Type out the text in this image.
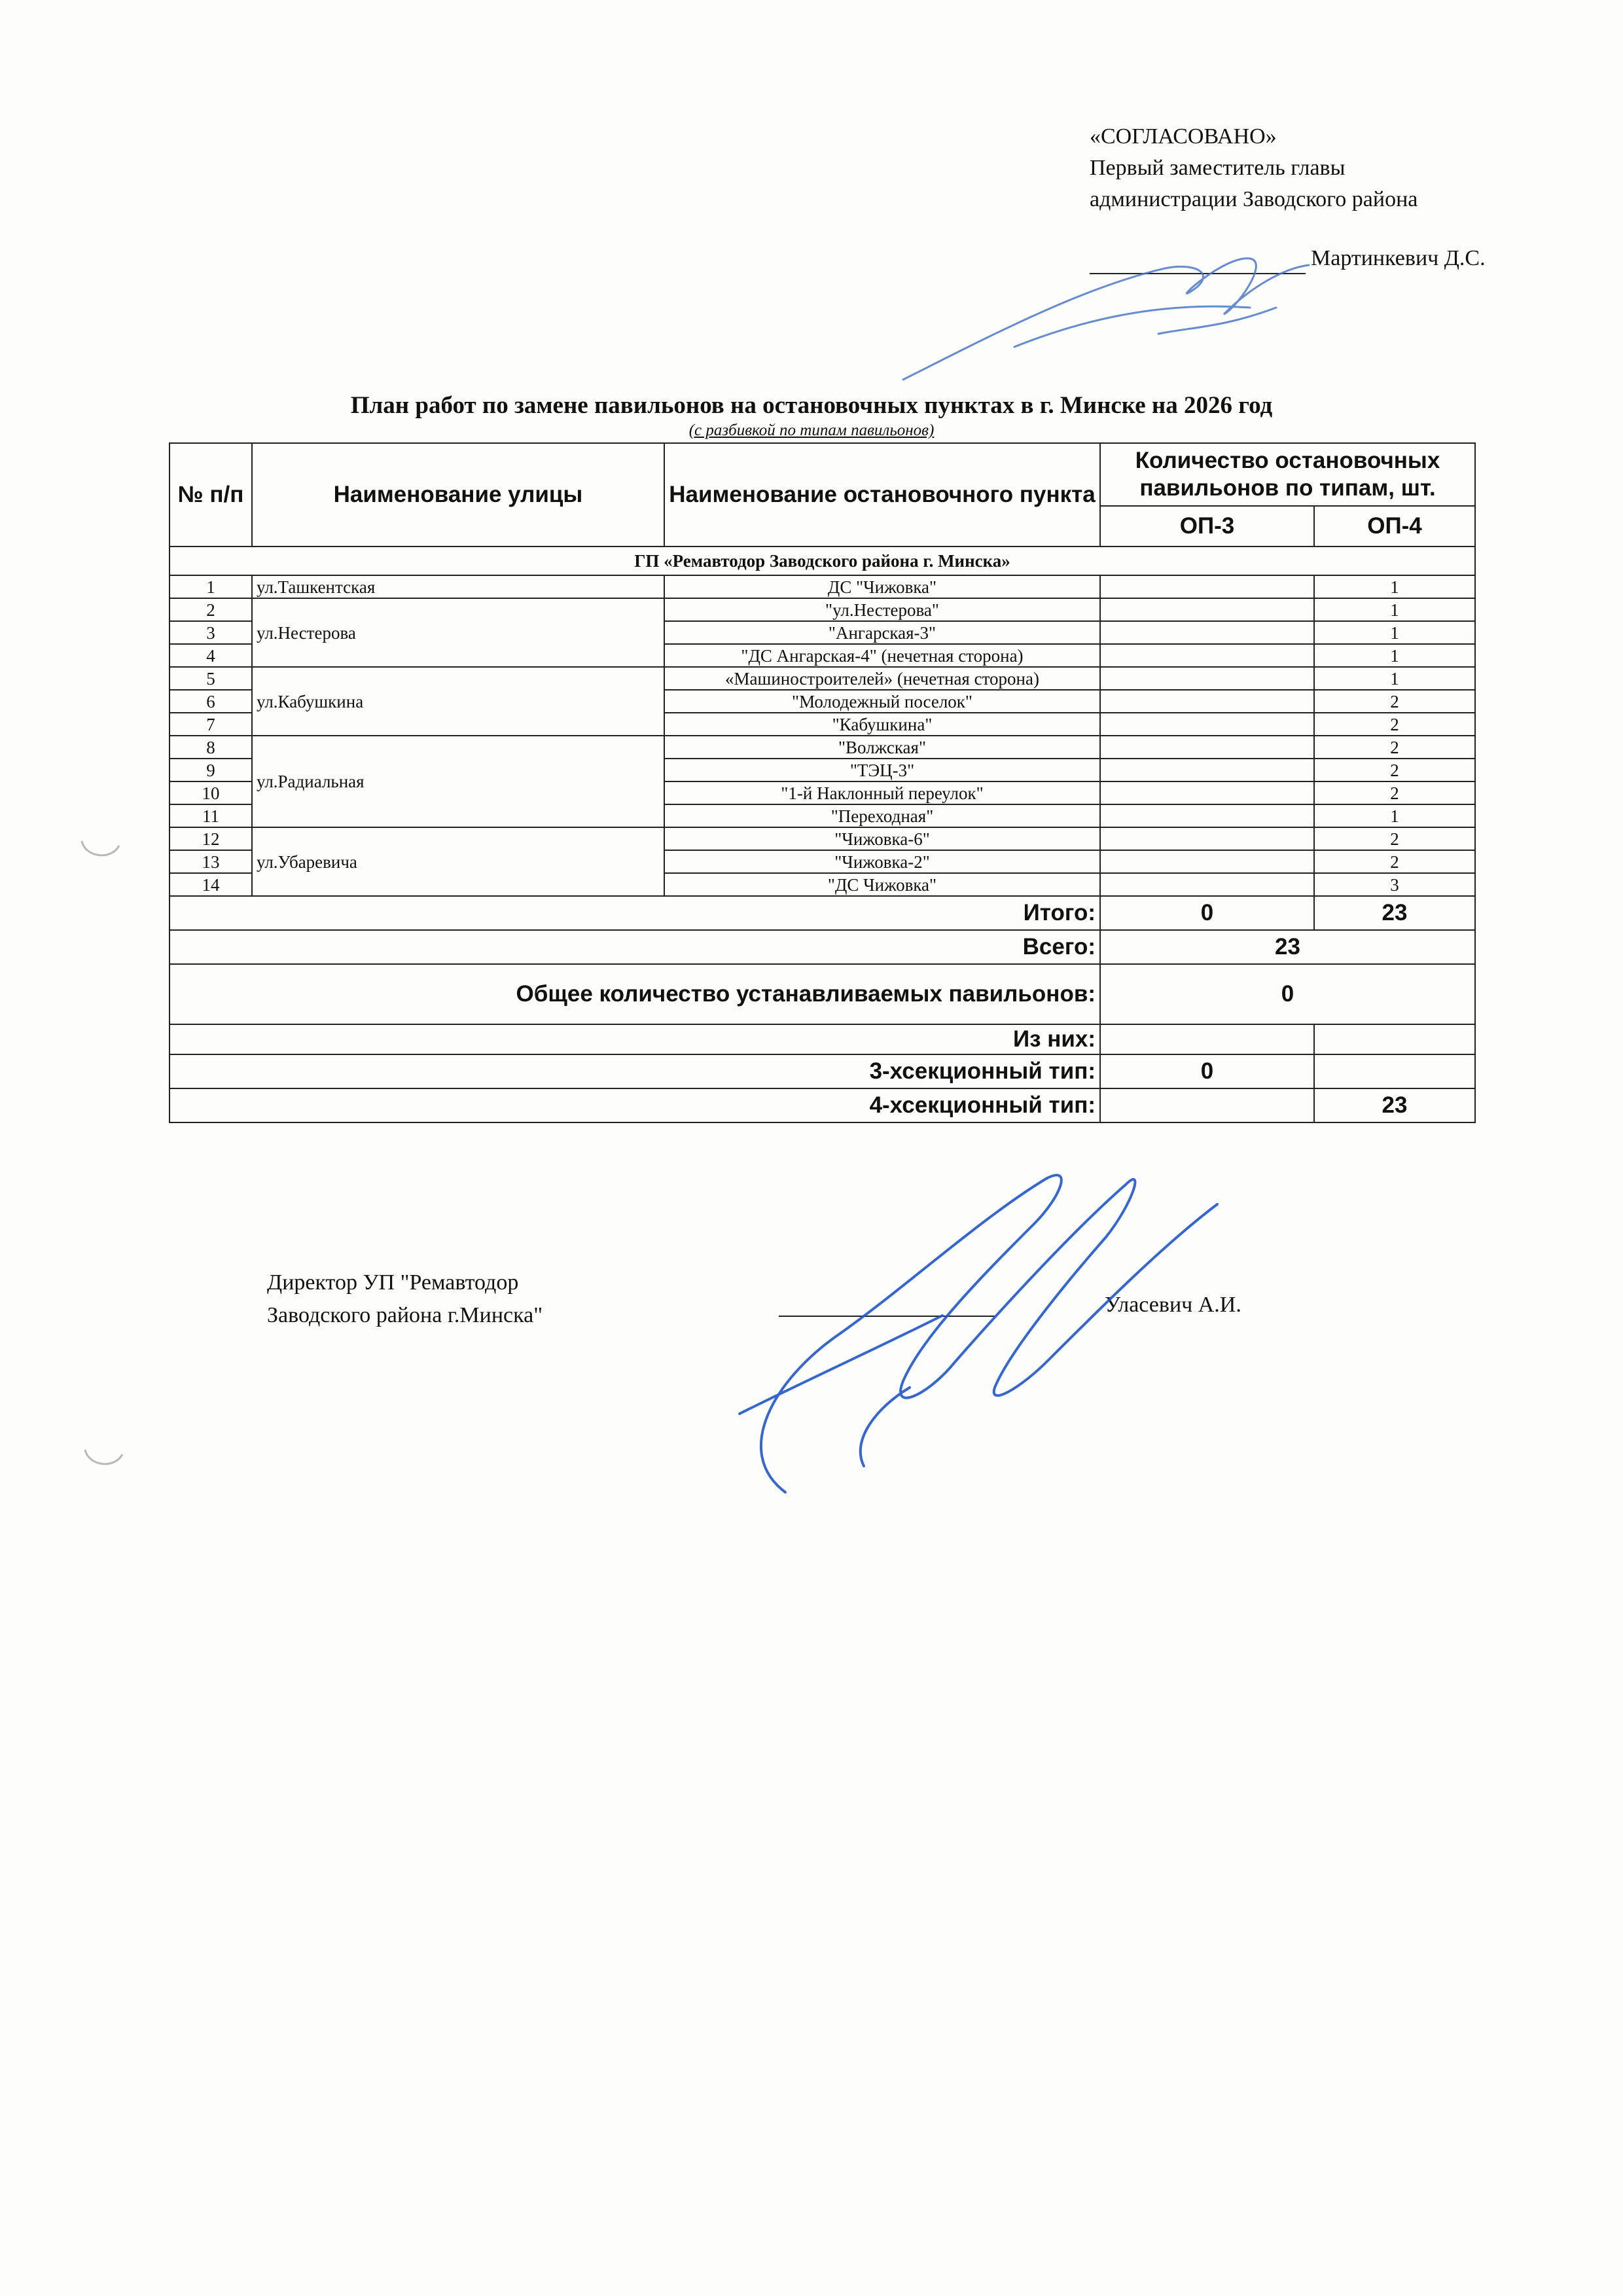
«СОГЛАСОВАНО»
Первый заместитель главы
администрации Заводского района
Мартинкевич Д.С.
План работ по замене павильонов на остановочных пунктах в г. Минске на 2026 год
(с разбивкой по типам павильонов)
№ п/п	Наименование улицы	Наименование остановочного пункта	Количество остановочных павильонов по типам, шт.	
			ОП-3	ОП-4
ГП «Ремавтодор Заводского района г. Минска»				
1	ул.Ташкентская	ДС "Чижовка"		1
2	ул.Нестерова	"ул.Нестерова"		1
3		"Ангарская-3"		1
4		"ДС Ангарская-4" (нечетная сторона)		1
5	ул.Кабушкина	«Машиностроителей» (нечетная сторона)		1
6		"Молодежный поселок"		2
7		"Кабушкина"		2
8	ул.Радиальная	"Волжская"		2
9		"ТЭЦ-3"		2
10		"1-й Наклонный переулок"		2
11		"Переходная"		1
12	ул.Убаревича	"Чижовка-6"		2
13		"Чижовка-2"		2
14		"ДС Чижовка"		3
Итого:			0	23
Всего:			23	
Общее количество устанавливаемых павильонов:			0	
Из них:				
3-хсекционный тип:			0	
4-хсекционный тип:				23
Директор УП "Ремавтодор
Заводского района г.Минска"	Уласевич А.И.
